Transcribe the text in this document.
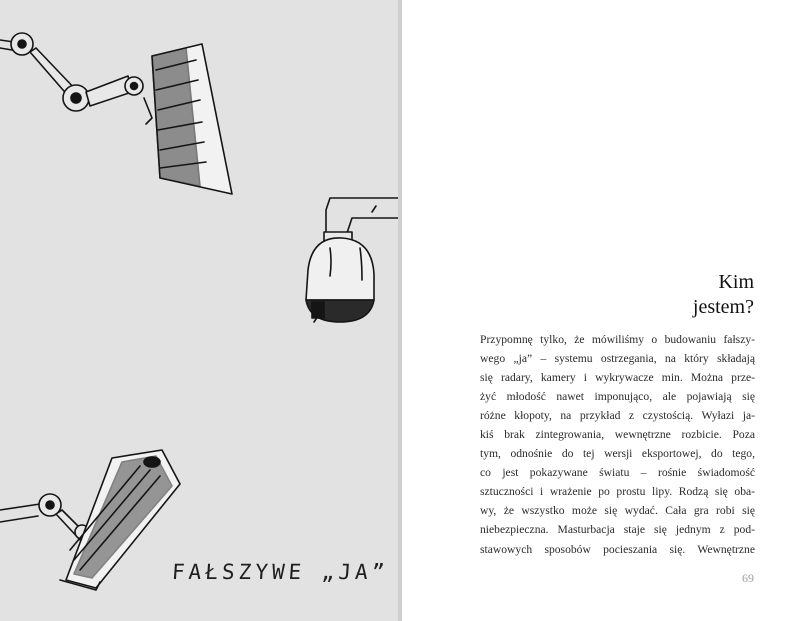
FAŁSZYWE „JA”
Kim
jestem?
Przypomnę tylko, że mówiliśmy o budowaniu fałszy-
wego „ja” – systemu ostrzegania, na który składają
się radary, kamery i wykrywacze min. Można prze-
żyć młodość nawet imponująco, ale pojawiają się
różne kłopoty, na przykład z czystością. Wyłazi ja-
kiś brak zintegrowania, wewnętrzne rozbicie. Poza
tym, odnośnie do tej wersji eksportowej, do tego,
co jest pokazywane światu – rośnie świadomość
sztuczności i wrażenie po prostu lipy. Rodzą się oba-
wy, że wszystko może się wydać. Cała gra robi się
niebezpieczna. Masturbacja staje się jednym z pod-
stawowych sposobów pocieszania się. Wewnętrzne
69
